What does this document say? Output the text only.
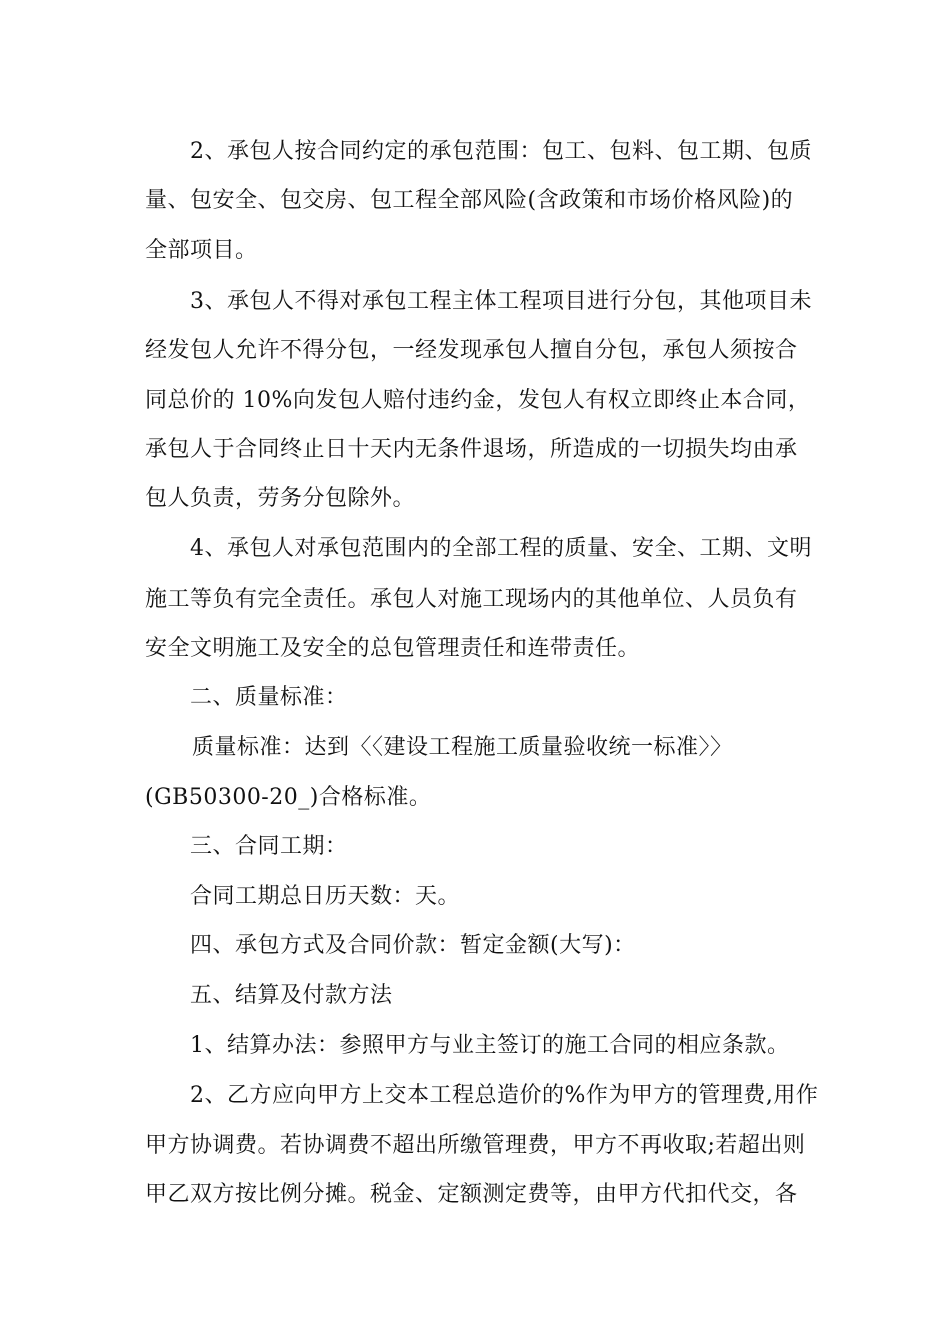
2、承包人按合同约定的承包范围：包工、包料、包工期、包质
量、包安全、包交房、包工程全部风险(含政策和市场价格风险)的
全部项目。
3、承包人不得对承包工程主体工程项目进行分包，其他项目未
经发包人允许不得分包，一经发现承包人擅自分包，承包人须按合
同总价的 10%向发包人赔付违约金，发包人有权立即终止本合同，
承包人于合同终止日十天内无条件退场，所造成的一切损失均由承
包人负责，劳务分包除外。
4、承包人对承包范围内的全部工程的质量、安全、工期、文明
施工等负有完全责任。承包人对施工现场内的其他单位、人员负有
安全文明施工及安全的总包管理责任和连带责任。
二、质量标准：
质量标准：达到〈〈建设工程施工质量验收统一标准〉〉
(GB50300-20_)合格标准。
三、合同工期：
合同工期总日历天数：天。
四、承包方式及合同价款：暂定金额(大写)：
五、结算及付款方法
1、结算办法：参照甲方与业主签订的施工合同的相应条款。
2、乙方应向甲方上交本工程总造价的%作为甲方的管理费,用作
甲方协调费。若协调费不超出所缴管理费，甲方不再收取;若超出则
甲乙双方按比例分摊。税金、定额测定费等，由甲方代扣代交，各
